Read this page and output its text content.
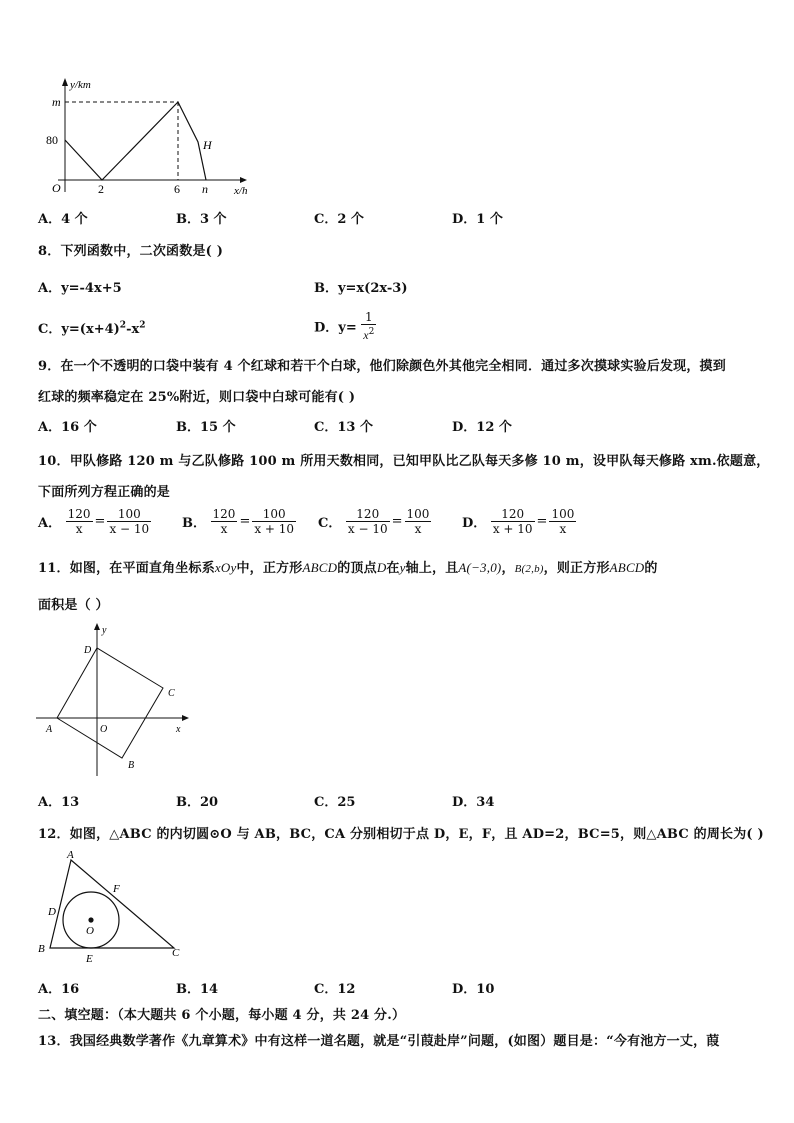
y/km
x/h
O
m
80
2	6 n
H
A．4 个	B．3 个	C．2 个	D．1 个
8．下列函数中，二次函数是( )
A．y=-4x+5	B．y=x(2x-3)
C．$y=(x+4)^2-x^2$	D．$y= \frac{1}{x^2}$
9．在一个不透明的口袋中装有 4 个红球和若干个白球，他们除颜色外其他完全相同．通过多次摸球实验后发现，摸到
红球的频率稳定在 25%附近，则口袋中白球可能有( )
A．16 个	B．15 个	C．13 个	D．12 个
10．甲队修路 120 m 与乙队修路 100 m 所用天数相同，已知甲队比乙队每天多修 10 m，设甲队每天修路 xm.依题意，
下面所列方程正确的是
A． $\frac{120}{x} = \frac{100}{x - 10}$ B． $\frac{120}{x} = \frac{100}{x + 10}$ C． $\frac{120}{x - 10} = \frac{100}{x}$ D． $\frac{120}{x + 10} = \frac{100}{x}$
11．如图，在平面直角坐标系xOy中，正方形ABCD的顶点D在y轴上，且A(−3,0)，B(2,b)，则正方形ABCD的
面积是（ ）
y
D
C
A	O	x
B
A．13	B．20	C．25	D．34
12．如图，△ABC 的内切圆⊙O 与 AB，BC，CA 分别相切于点 D，E，F，且 AD=2，BC=5，则△ABC 的周长为( )
A
F
D
O
B
E	C
A．16	B．14	C．12	D．10
二、填空题：（本大题共 6 个小题，每小题 4 分，共 24 分.）
13．我国经典数学著作《九章算术》中有这样一道名题，就是“引葭赴岸”问题，(如图）题目是：“今有池方一丈，葭
